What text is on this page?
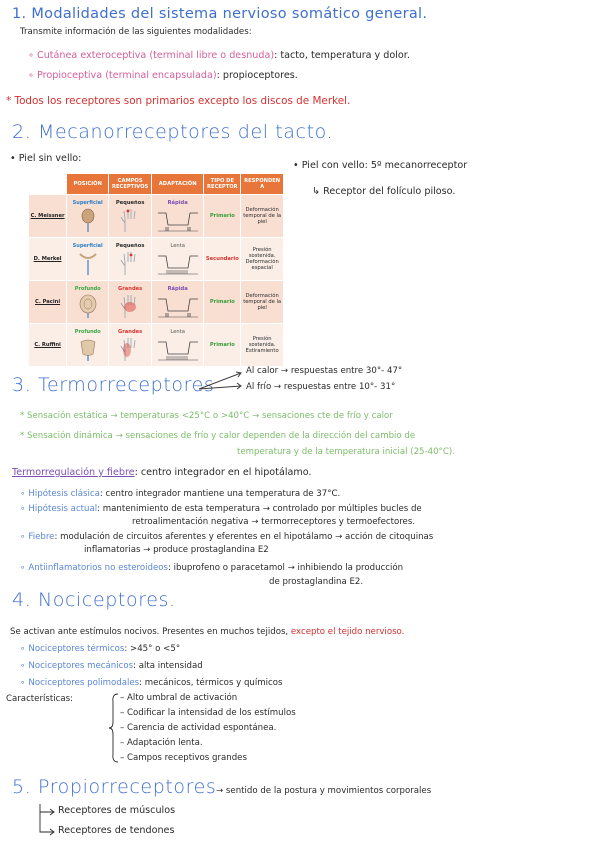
1. Modalidades del sistema nervioso somático general.
Transmite información de las siguientes modalidades:
∘ Cutánea exteroceptiva (terminal libre o desnuda): tacto, temperatura y dolor.
∘ Propioceptiva (terminal encapsulada): propioceptores.
* Todos los receptores son primarios excepto los discos de Merkel.
2. Mecanorreceptores del tacto.
• Piel sin vello:
• Piel con vello: 5º mecanorreceptor
↳ Receptor del folículo piloso.
	POSICIÓN	CAMPOS RECEPTIVOS	ADAPTACIÓN	TIPO DE RECEPTOR	RESPONDEN A
C. Meissner	Superficial	Pequeños	Rápida	Primario	Deformación temporal de la piel
D. Merkel	Superficial	Pequeños	Lenta	Secundario	Presión sostenida. Deformación espacial
C. Pacini	Profundo	Grandes	Rápida	Primario	Deformación temporal de la piel
C. Ruffini	Profundo	Grandes	Lenta	Primario	Presión sostenida. Estiramiento
3. Termorreceptores
Al calor → respuestas entre 30°- 47°
Al frío → respuestas entre 10°- 31°
* Sensación estática → temperaturas <25°C o >40°C → sensaciones cte de frío y calor
* Sensación dinámica → sensaciones de frío y calor dependen de la dirección del cambio de
temperatura y de la temperatura inicial (25-40°C).
Termorregulación y fiebre: centro integrador en el hipotálamo.
∘ Hipótesis clásica: centro integrador mantiene una temperatura de 37°C.
∘ Hipótesis actual: mantenimiento de esta temperatura → controlado por múltiples bucles de
retroalimentación negativa → termorreceptores y termoefectores.
∘ Fiebre: modulación de circuitos aferentes y eferentes en el hipotálamo → acción de citoquinas
inflamatorias → produce prostaglandina E2
∘ Antiinflamatorios no esteroideos: ibuprofeno o paracetamol → inhibiendo la producción
de prostaglandina E2.
4. Nociceptores.
Se activan ante estímulos nocivos. Presentes en muchos tejidos, excepto el tejido nervioso.
∘ Nociceptores térmicos: >45° o <5°
∘ Nociceptores mecánicos: alta intensidad
∘ Nociceptores polimodales: mecánicos, térmicos y químicos
Características:	– Alto umbral de activación
– Codificar la intensidad de los estímulos
– Carencia de actividad espontánea.
– Adaptación lenta.
– Campos receptivos grandes
5. Propiorreceptores → sentido de la postura y movimientos corporales
Receptores de músculos
Receptores de tendones
